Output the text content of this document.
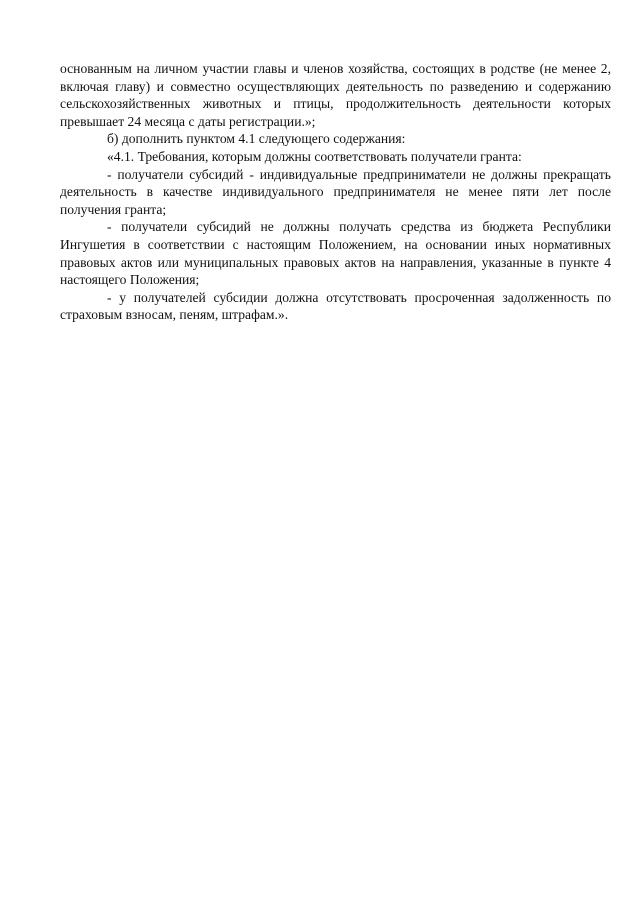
основанным на личном участии главы и членов хозяйства, состоящих в родстве (не менее 2, включая главу) и совместно осуществляющих деятельность по разведению и содержанию сельскохозяйственных животных и птицы, продолжительность деятельности которых превышает 24 месяца с даты регистрации.»;

б) дополнить пунктом 4.1 следующего содержания:

«4.1. Требования, которым должны соответствовать получатели гранта:

- получатели субсидий - индивидуальные предприниматели не должны прекращать деятельность в качестве индивидуального предпринимателя не менее пяти лет после получения гранта;

- получатели субсидий не должны получать средства из бюджета Республики Ингушетия в соответствии с настоящим Положением, на основании иных нормативных правовых актов или муниципальных правовых актов на направления, указанные в пункте 4 настоящего Положения;

- у получателей субсидии должна отсутствовать просроченная задолженность по страховым взносам, пеням, штрафам.».
